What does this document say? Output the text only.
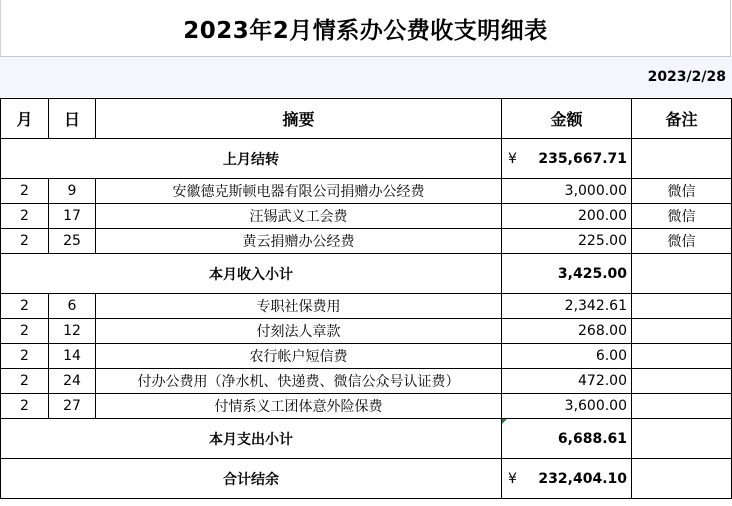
2023年2月情系办公费收支明细表
2023/2/28
月	日	摘要	金额	备注
上月结转			¥ 235,667.71	

2	9	安徽德克斯顿电器有限公司捐赠办公经费	3,000.00	微信
2	17	汪锡武义工会费	200.00	微信
2	25	黄云捐赠办公经费	225.00	微信
本月收入小计			3,425.00	
2	6	专职社保费用	2,342.61	
2	12	付刻法人章款	268.00	
2	14	农行帐户短信费	6.00	
2	24	付办公费用（净水机、快递费、微信公众号认证费）	472.00	
2	27	付情系义工团体意外险保费	3,600.00	
本月支出小计			6,688.61	
合计结余			¥ 232,404.10	
